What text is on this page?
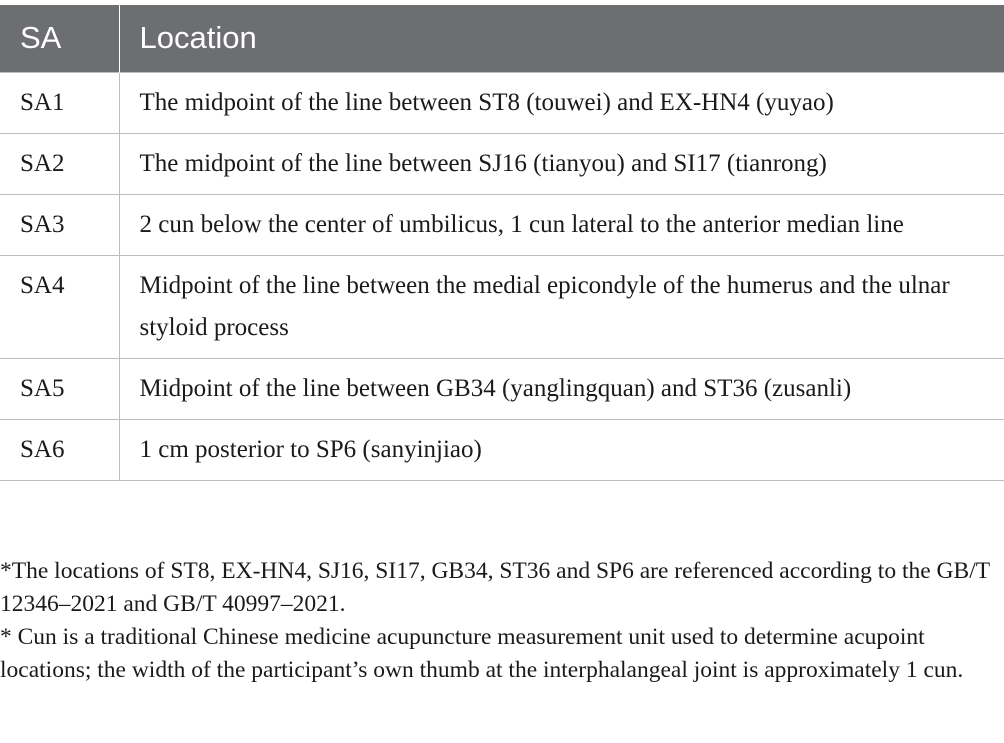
SA	Location
SA1	The midpoint of the line between ST8 (touwei) and EX-HN4 (yuyao)
SA2	The midpoint of the line between SJ16 (tianyou) and SI17 (tianrong)
SA3	2 cun below the center of umbilicus, 1 cun lateral to the anterior median line
SA4	Midpoint of the line between the medial epicondyle of the humerus and the ulnar styloid process
SA5	Midpoint of the line between GB34 (yanglingquan) and ST36 (zusanli)
SA6	1 cm posterior to SP6 (sanyinjiao)

*The locations of ST8, EX-HN4, SJ16, SI17, GB34, ST36 and SP6 are referenced according to the GB/T 12346–2021 and GB/T 40997–2021.

* Cun is a traditional Chinese medicine acupuncture measurement unit used to determine acupoint locations; the width of the participant’s own thumb at the interphalangeal joint is approximately 1 cun.
